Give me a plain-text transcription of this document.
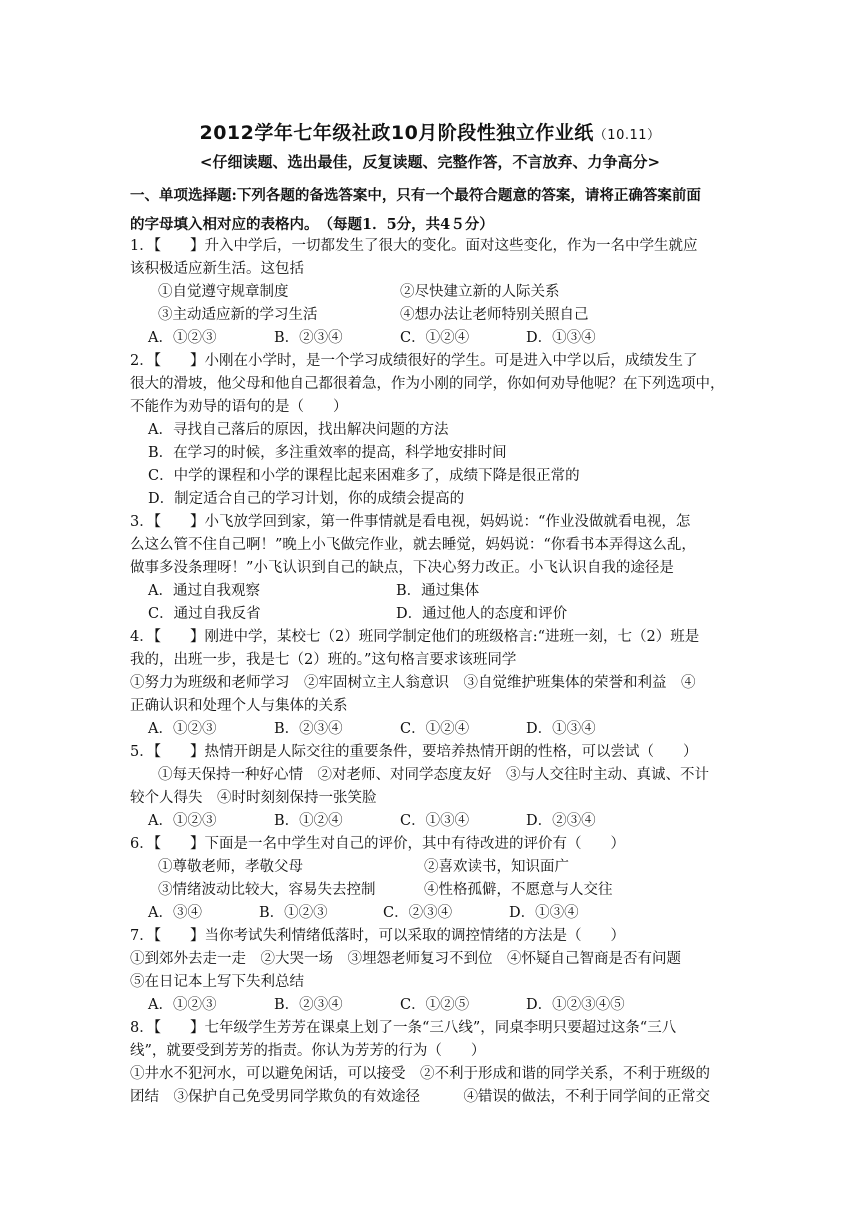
2012学年七年级社政10月阶段性独立作业纸（10.11）
<仔细读题、选出最佳，反复读题、完整作答，不言放弃、力争高分>
一、单项选择题:下列各题的备选答案中，只有一个最符合题意的答案，请将正确答案前面
的字母填入相对应的表格内。　（每题1．5分，共4５分）
1．【　　】升入中学后，一切都发生了很大的变化。面对这些变化，作为一名中学生就应
该积极适应新生活。这包括
①自觉遵守规章制度	②尽快建立新的人际关系
③主动适应新的学习生活	④想办法让老师特别关照自己
A．①②③	B．②③④	C．①②④	D．①③④
2．【　　】小刚在小学时，是一个学习成绩很好的学生。可是进入中学以后，成绩发生了
很大的滑坡，他父母和他自己都很着急，作为小刚的同学，你如何劝导他呢？在下列选项中，
不能作为劝导的语句的是（　　）
A．寻找自己落后的原因，找出解决问题的方法
B．在学习的时候，多注重效率的提高，科学地安排时间
C．中学的课程和小学的课程比起来困难多了，成绩下降是很正常的
D．制定适合自己的学习计划，你的成绩会提高的
3．【　　】小飞放学回到家，第一件事情就是看电视，妈妈说：“作业没做就看电视，怎
么这么管不住自己啊！”晚上小飞做完作业，就去睡觉，妈妈说：“你看书本弄得这么乱，
做事多没条理呀！”小飞认识到自己的缺点，下决心努力改正。小飞认识自我的途径是
A．通过自我观察	B．通过集体
C．通过自我反省	D．通过他人的态度和评价
4．【　　】刚进中学，某校七（2）班同学制定他们的班级格言:“进班一刻，七（2）班是
我的，出班一步，我是七（2）班的。”这句格言要求该班同学
①努力为班级和老师学习　②牢固树立主人翁意识　③自觉维护班集体的荣誉和利益　④
正确认识和处理个人与集体的关系
A．①②③	B．②③④	C．①②④	D．①③④
5．【　　】热情开朗是人际交往的重要条件，要培养热情开朗的性格，可以尝试（　　）
①每天保持一种好心情　②对老师、对同学态度友好　③与人交往时主动、真诚、不计
较个人得失　④时时刻刻保持一张笑脸
A．①②③	B．①②④	C．①③④	D．②③④
6．【　　】下面是一名中学生对自己的评价，其中有待改进的评价有（　　）
①尊敬老师，孝敬父母	②喜欢读书，知识面广
③情绪波动比较大，容易失去控制	④性格孤僻，不愿意与人交往
A．③④	B．①②③	C．②③④	D．①③④
7．【　　】当你考试失利情绪低落时，可以采取的调控情绪的方法是（　　）
①到郊外去走一走　②大哭一场　③埋怨老师复习不到位　④怀疑自己智商是否有问题
⑤在日记本上写下失利总结
A．①②③	B．②③④	C．①②⑤	D．①②③④⑤
8．【　　】七年级学生芳芳在课桌上划了一条“三八线”，同桌李明只要超过这条“三八
线”，就要受到芳芳的指责。你认为芳芳的行为（　　）
①井水不犯河水，可以避免闲话，可以接受　②不利于形成和谐的同学关系，不利于班级的
团结　③保护自己免受男同学欺负的有效途径　　　④错误的做法，不利于同学间的正常交
